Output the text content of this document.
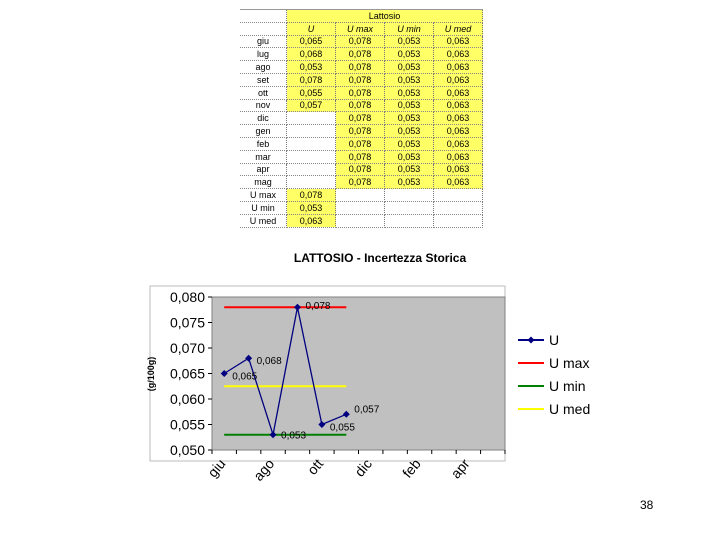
	Lattosio			
	U	U max	U min	U med
giu	0,065	0,078	0,053	0,063
lug	0,068	0,078	0,053	0,063
ago	0,053	0,078	0,053	0,063
set	0,078	0,078	0,053	0,063
ott	0,055	0,078	0,053	0,063
nov	0,057	0,078	0,053	0,063
dic		0,078	0,053	0,063
gen		0,078	0,053	0,063
feb		0,078	0,053	0,063
mar		0,078	0,053	0,063
apr		0,078	0,053	0,063
mag		0,078	0,053	0,063
U max	0,078			
U min	0,053			
U med	0,063			
LATTOSIO - Incertezza Storica
(g/100g)
0,080
0,075
0,070
0,065
0,060
0,055
0,050
giu ago ott dic feb apr
0,065
0,068
0,053
0,078
0,055
0,057
U
U max
U min
U med
38
